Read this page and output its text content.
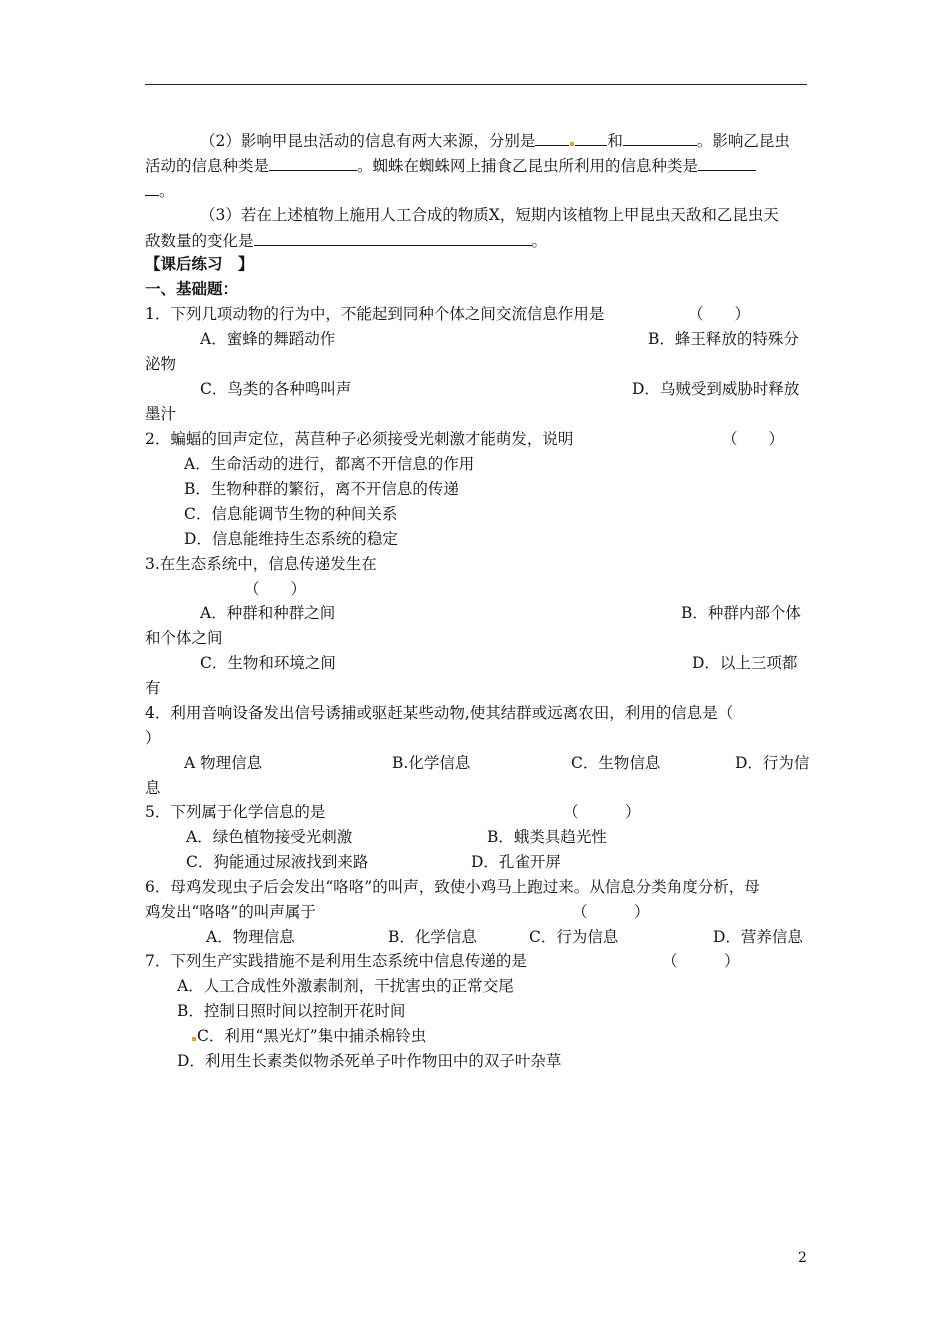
（2）影响甲昆虫活动的信息有两大来源，分别是	和	。影响乙昆虫
活动的信息种类是	。蜘蛛在蜘蛛网上捕食乙昆虫所利用的信息种类是
。
（3）若在上述植物上施用人工合成的物质X，短期内该植物上甲昆虫天敌和乙昆虫天
敌数量的变化是	。
【课后练习　】
一、基础题：
1．下列几项动物的行为中，不能起到同种个体之间交流信息作用是	（　　）
A．蜜蜂的舞蹈动作	B．蜂王释放的特殊分
泌物
C．鸟类的各种鸣叫声	D．乌贼受到威胁时释放
墨汁
2．蝙蝠的回声定位，莴苣种子必须接受光刺激才能萌发，说明	（　　）
A．生命活动的进行，都离不开信息的作用
B．生物种群的繁衍，离不开信息的传递
C．信息能调节生物的种间关系
D．信息能维持生态系统的稳定
3.在生态系统中，信息传递发生在
（　　）
A．种群和种群之间	B．种群内部个体
和个体之间
C．生物和环境之间	D．以上三项都
有
4．利用音响设备发出信号诱捕或驱赶某些动物,使其结群或远离农田，利用的信息是（
）
A 物理信息	B.化学信息	C．生物信息	D．行为信
息
5．下列属于化学信息的是	（　　　）
A．绿色植物接受光刺激	B．蛾类具趋光性
C．狗能通过尿液找到来路	D．孔雀开屏
6．母鸡发现虫子后会发出“咯咯”的叫声，致使小鸡马上跑过来。从信息分类角度分析，母
鸡发出“咯咯”的叫声属于	（　　　）
A．物理信息	B．化学信息	C．行为信息	D．营养信息
7．下列生产实践措施不是利用生态系统中信息传递的是	（　　　）
A．人工合成性外激素制剂，干扰害虫的正常交尾
B．控制日照时间以控制开花时间
C．利用“黑光灯”集中捕杀棉铃虫
D．利用生长素类似物杀死单子叶作物田中的双子叶杂草
2
